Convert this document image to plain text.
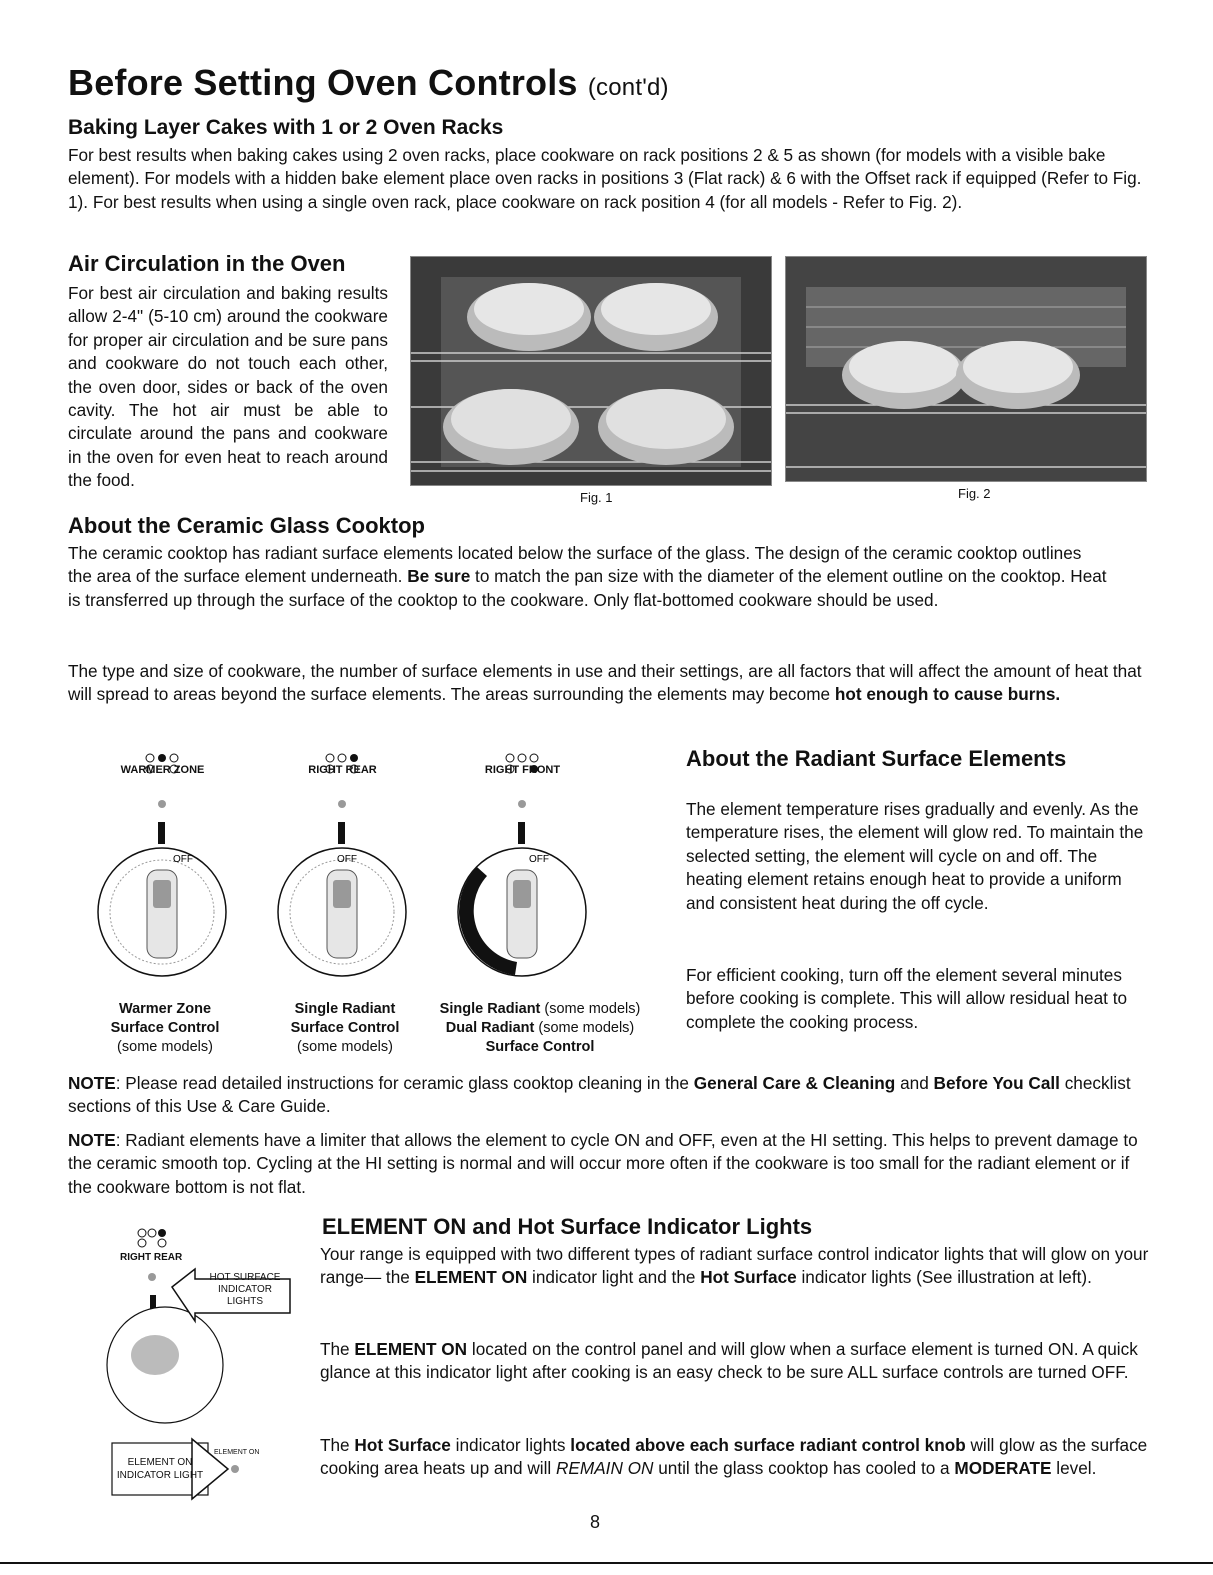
Before Setting Oven Controls (cont'd)
Baking Layer Cakes with 1 or 2 Oven Racks
For best results when baking cakes using 2 oven racks, place cookware on rack positions 2 & 5 as shown (for models with a visible bake element). For models with a hidden bake element place oven racks in positions 3 (Flat rack) & 6 with the Offset rack if equipped (Refer to Fig. 1). For best results when using a single oven rack, place cookware on rack position 4 (for all models - Refer to Fig. 2).
Air Circulation in the Oven
For best air circulation and baking results allow 2-4" (5-10 cm) around the cookware for proper air circulation and be sure pans and cookware do not touch each other, the oven door, sides or back of the oven cavity. The hot air must be able to circulate around the pans and cookware in the oven for even heat to reach around the food.
Fig. 1	Fig. 2
About the Ceramic Glass Cooktop
The ceramic cooktop has radiant surface elements located below the surface of the glass. The design of the ceramic cooktop outlines the area of the surface element underneath. Be sure to match the pan size with the diameter of the element outline on the cooktop. Heat is transferred up through the surface of the cooktop to the cookware. Only flat-bottomed cookware should be used.
The type and size of cookware, the number of surface elements in use and their settings, are all factors that will affect the amount of heat that will spread to areas beyond the surface elements. The areas surrounding the elements may become hot enough to cause burns.
OFF
WARMER ZONE
Warmer Zone
Surface Control
(some models)
OFF
RIGHT REAR
Single Radiant
Surface Control
(some models)
OFF
RIGHT FRONT
Single Radiant (some models)
Dual Radiant (some models)
Surface Control
About the Radiant Surface Elements
The element temperature rises gradually and evenly. As the temperature rises, the element will glow red. To maintain the selected setting, the element will cycle on and off. The heating element retains enough heat to provide a uniform and consistent heat during the off cycle.
For efficient cooking, turn off the element several minutes before cooking is complete. This will allow residual heat to complete the cooking process.
NOTE: Please read detailed instructions for ceramic glass cooktop cleaning in the General Care & Cleaning and Before You Call checklist sections of this Use & Care Guide.
NOTE: Radiant elements have a limiter that allows the element to cycle ON and OFF, even at the HI setting. This helps to prevent damage to the ceramic smooth top. Cycling at the HI setting is normal and will occur more often if the cookware is too small for the radiant element or if the cookware bottom is not flat.
RIGHT REAR
HOT SURFACE
INDICATOR LIGHTS
ELEMENT ON
INDICATOR LIGHT
ELEMENT ON
ELEMENT ON and Hot Surface Indicator Lights
Your range is equipped with two different types of radiant surface control indicator lights that will glow on your range— the ELEMENT ON indicator light and the Hot Surface indicator lights (See illustration at left).
The ELEMENT ON located on the control panel and will glow when a surface element is turned ON. A quick glance at this indicator light after cooking is an easy check to be sure ALL surface controls are turned OFF.
The Hot Surface indicator lights located above each surface radiant control knob will glow as the surface cooking area heats up and will REMAIN ON until the glass cooktop has cooled to a MODERATE level.
8
